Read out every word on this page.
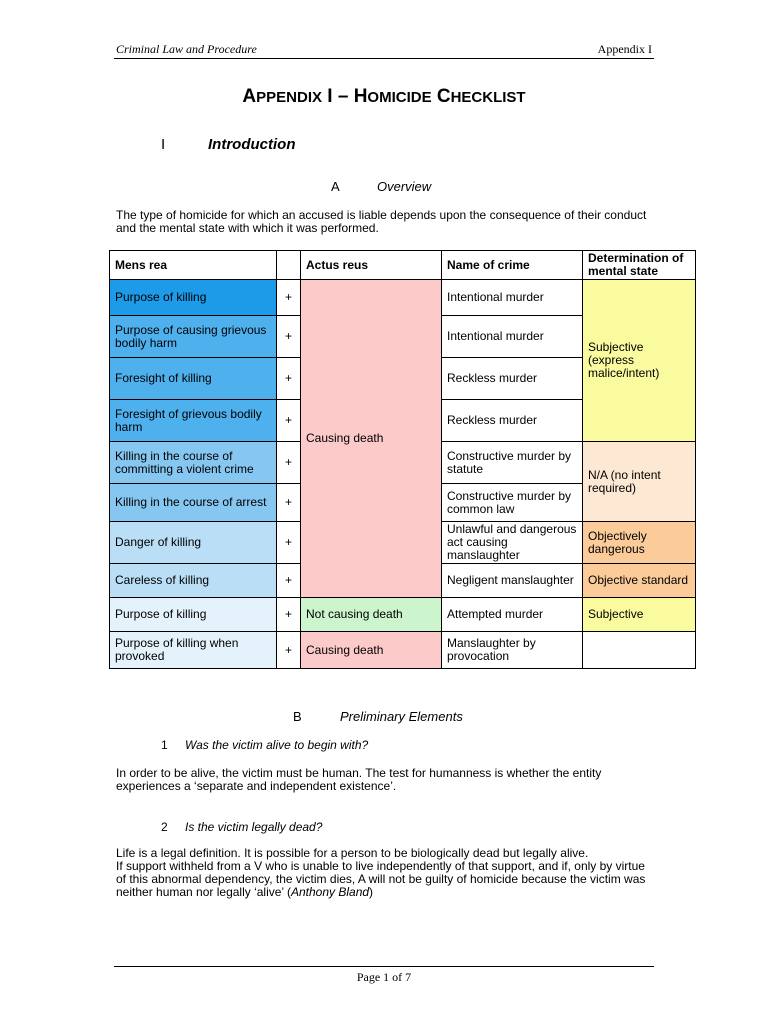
Criminal Law and Procedure	Appendix I
APPENDIX I – HOMICIDE CHECKLIST
I	Introduction
A	Overview
The type of homicide for which an accused is liable depends upon the consequence of their conduct and the mental state with which it was performed.
Mens rea		Actus reus	Name of crime	Determination of mental state
Purpose of killing	+	Causing death	Intentional murder	Subjective (express malice/intent)
Purpose of causing grievous bodily harm	+		Intentional murder	
Foresight of killing	+		Reckless murder	
Foresight of grievous bodily harm	+		Reckless murder	
Killing in the course of committing a violent crime	+		Constructive murder by statute	N/A (no intent required)
Killing in the course of arrest	+		Constructive murder by common law	
Danger of killing	+		Unlawful and dangerous act causing manslaughter	Objectively dangerous
Careless of killing	+		Negligent manslaughter	Objective standard
Purpose of killing	+	Not causing death	Attempted murder	Subjective
Purpose of killing when provoked	+	Causing death	Manslaughter by provocation	
B	Preliminary Elements
1 Was the victim alive to begin with?
In order to be alive, the victim must be human. The test for humanness is whether the entity experiences a ‘separate and independent existence’.
2 Is the victim legally dead?
Life is a legal definition. It is possible for a person to be biologically dead but legally alive.
If support withheld from a V who is unable to live independently of that support, and if, only by virtue of this abnormal dependency, the victim dies, A will not be guilty of homicide because the victim was neither human nor legally ‘alive’ (Anthony Bland)
Page 1 of 7
